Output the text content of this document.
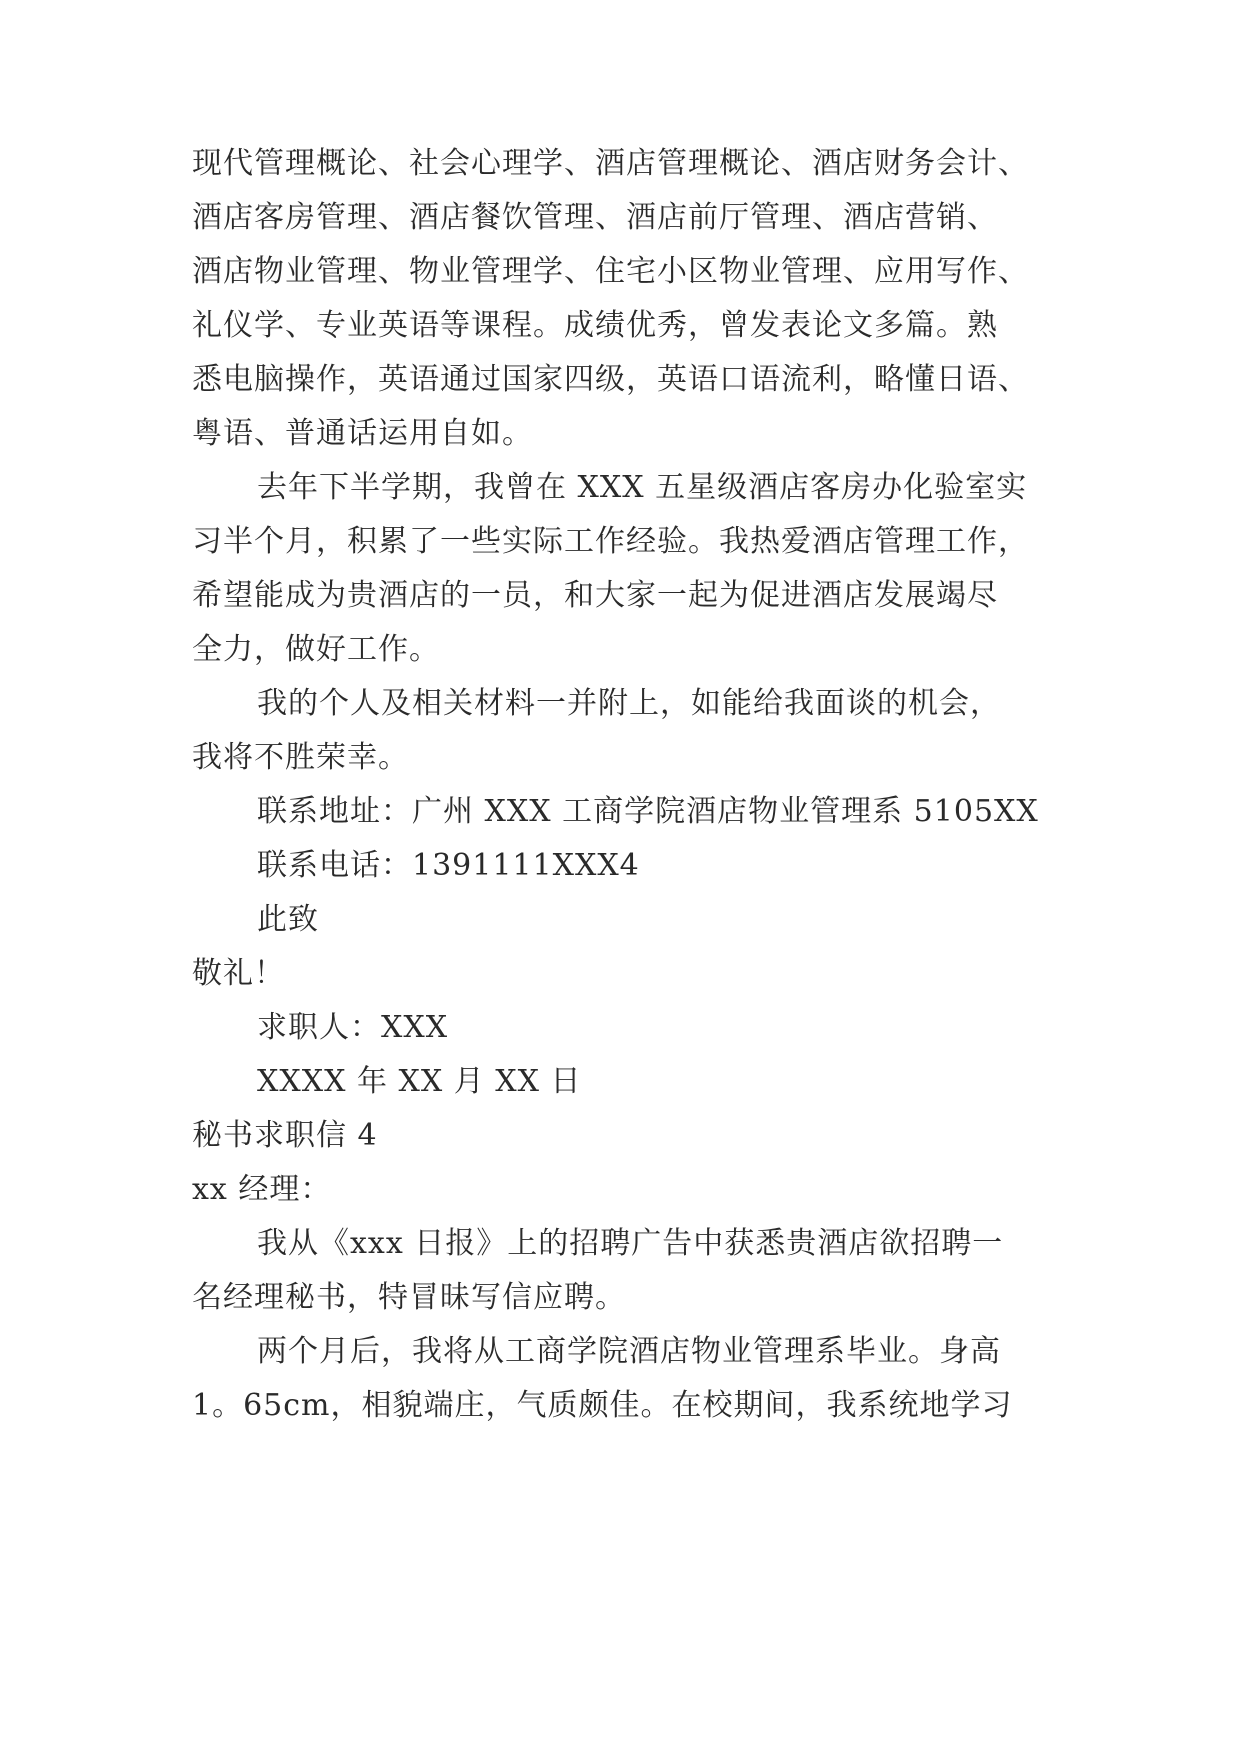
现代管理概论、社会心理学、酒店管理概论、酒店财务会计、
酒店客房管理、酒店餐饮管理、酒店前厅管理、酒店营销、
酒店物业管理、物业管理学、住宅小区物业管理、应用写作、
礼仪学、专业英语等课程。成绩优秀，曾发表论文多篇。熟
悉电脑操作，英语通过国家四级，英语口语流利，略懂日语、
粤语、普通话运用自如。
去年下半学期，我曾在 XXX 五星级酒店客房办化验室实
习半个月，积累了一些实际工作经验。我热爱酒店管理工作，
希望能成为贵酒店的一员，和大家一起为促进酒店发展竭尽
全力，做好工作。
我的个人及相关材料一并附上，如能给我面谈的机会，
我将不胜荣幸。
联系地址：广州 XXX 工商学院酒店物业管理系 5105XX
联系电话：1391111XXX4
此致
敬礼！
求职人：XXX
XXXX 年 XX 月 XX 日
秘书求职信 4
xx 经理：
我从《xxx 日报》上的招聘广告中获悉贵酒店欲招聘一
名经理秘书，特冒昧写信应聘。
两个月后，我将从工商学院酒店物业管理系毕业。身高
1。65cm，相貌端庄，气质颇佳。在校期间，我系统地学习
